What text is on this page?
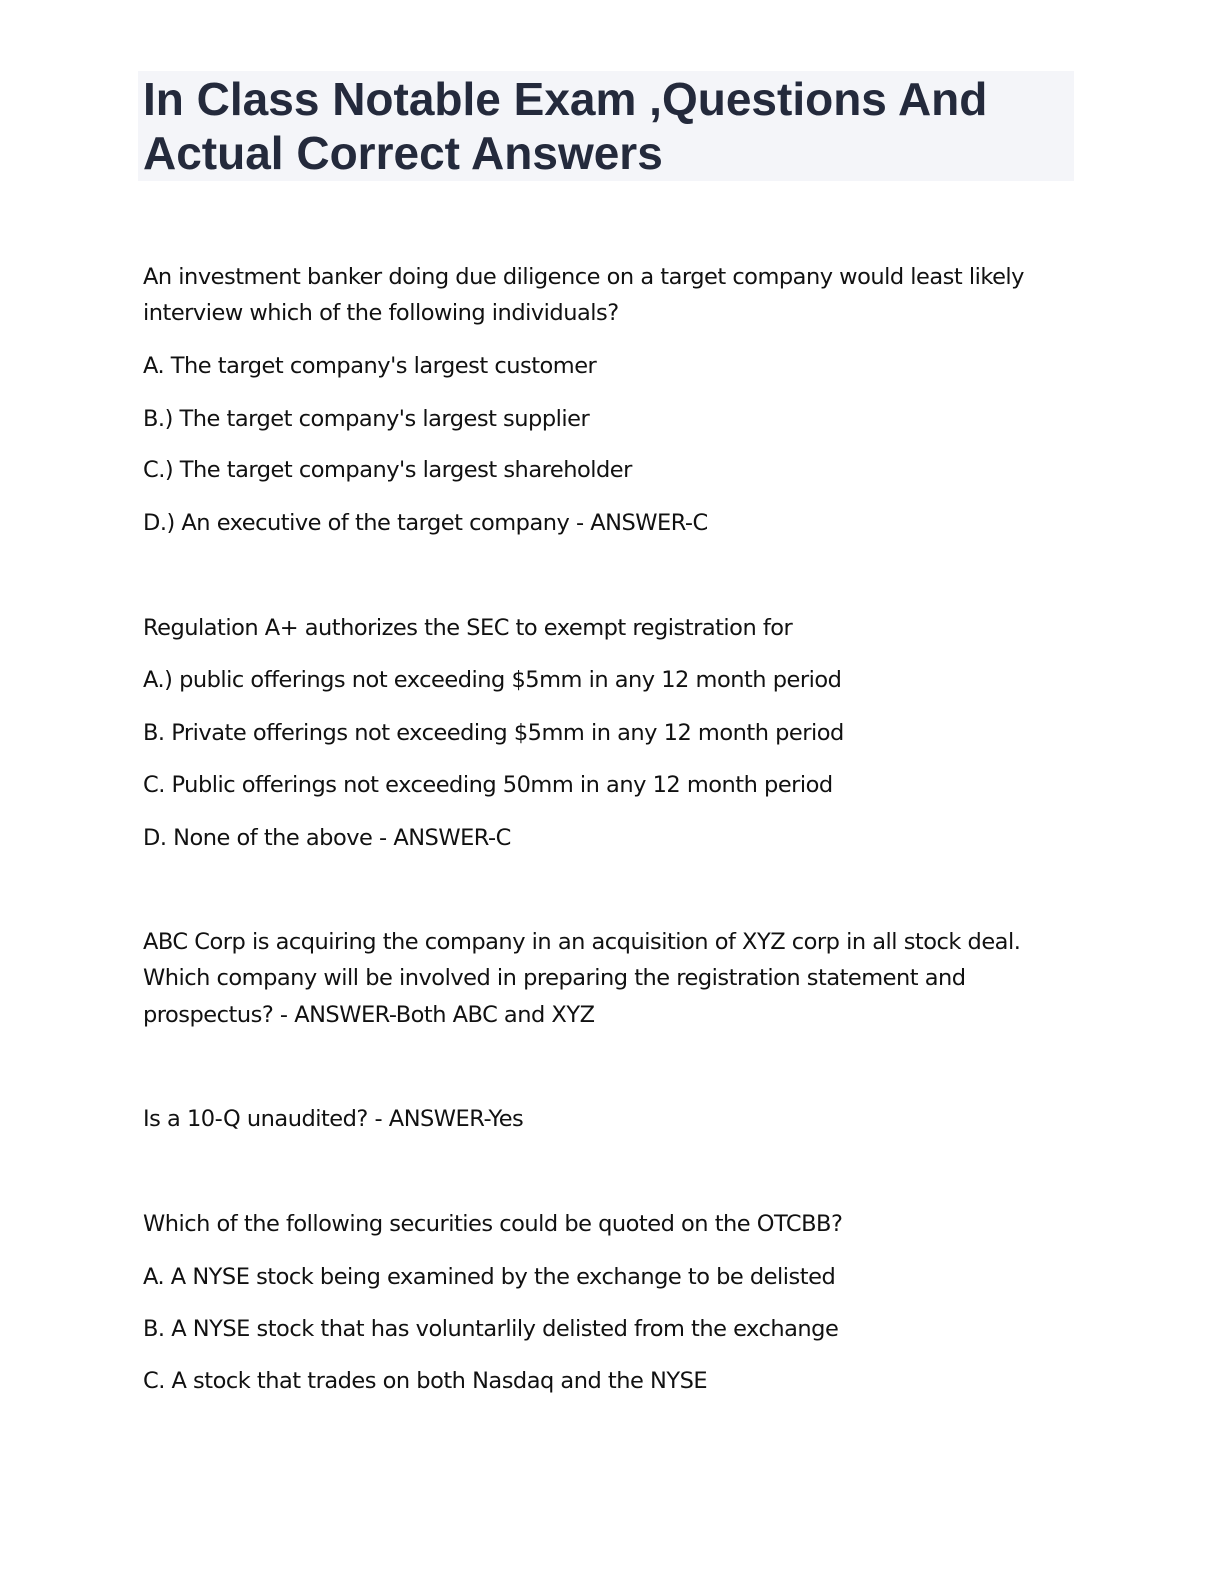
In Class Notable Exam ,Questions And
Actual Correct Answers

An investment banker doing due diligence on a target company would least likely

interview which of the following individuals?

A. The target company's largest customer

B.) The target company's largest supplier

C.) The target company's largest shareholder

D.) An executive of the target company - ANSWER-C

Regulation A+ authorizes the SEC to exempt registration for

A.) public offerings not exceeding $5mm in any 12 month period

B. Private offerings not exceeding $5mm in any 12 month period

C. Public offerings not exceeding 50mm in any 12 month period

D. None of the above - ANSWER-C

ABC Corp is acquiring the company in an acquisition of XYZ corp in all stock deal.

Which company will be involved in preparing the registration statement and

prospectus? - ANSWER-Both ABC and XYZ

Is a 10-Q unaudited? - ANSWER-Yes

Which of the following securities could be quoted on the OTCBB?

A. A NYSE stock being examined by the exchange to be delisted

B. A NYSE stock that has voluntarlily delisted from the exchange

C. A stock that trades on both Nasdaq and the NYSE
